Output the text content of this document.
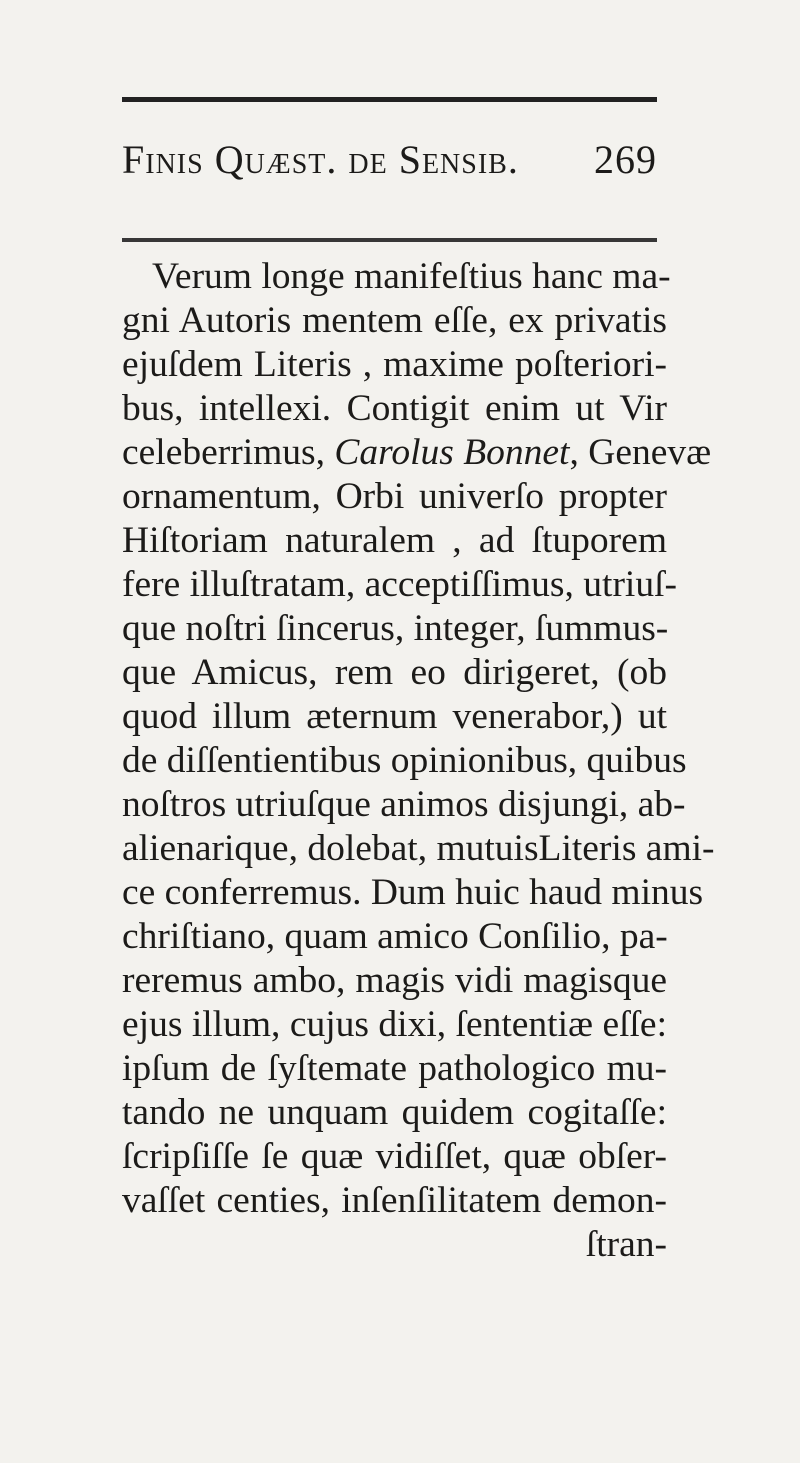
Finis Quæst. de Sensib. 269
Verum longe manifeſtius hanc ma-
gni Autoris mentem eſſe, ex privatis
ejuſdem Literis , maxime poſteriori-
bus, intellexi. Contigit enim ut Vir
celeberrimus, Carolus Bonnet, Genevæ
ornamentum, Orbi univerſo propter
Hiſtoriam naturalem , ad ſtuporem
fere illuſtratam, acceptiſſimus, utriuſ-
que noſtri ſincerus, integer, ſummus-
que Amicus, rem eo dirigeret, (ob
quod illum æternum venerabor,) ut
de diſſentientibus opinionibus, quibus
noſtros utriuſque animos disjungi, ab-
alienarique, dolebat, mutuisLiteris ami-
ce conferremus. Dum huic haud minus
chriſtiano, quam amico Conſilio, pa-
reremus ambo, magis vidi magisque
ejus illum, cujus dixi, ſententiæ eſſe:
ipſum de ſyſtemate pathologico mu-
tando ne unquam quidem cogitaſſe:
ſcripſiſſe ſe quæ vidiſſet, quæ obſer-
vaſſet centies, inſenſilitatem demon-
ſtran-
